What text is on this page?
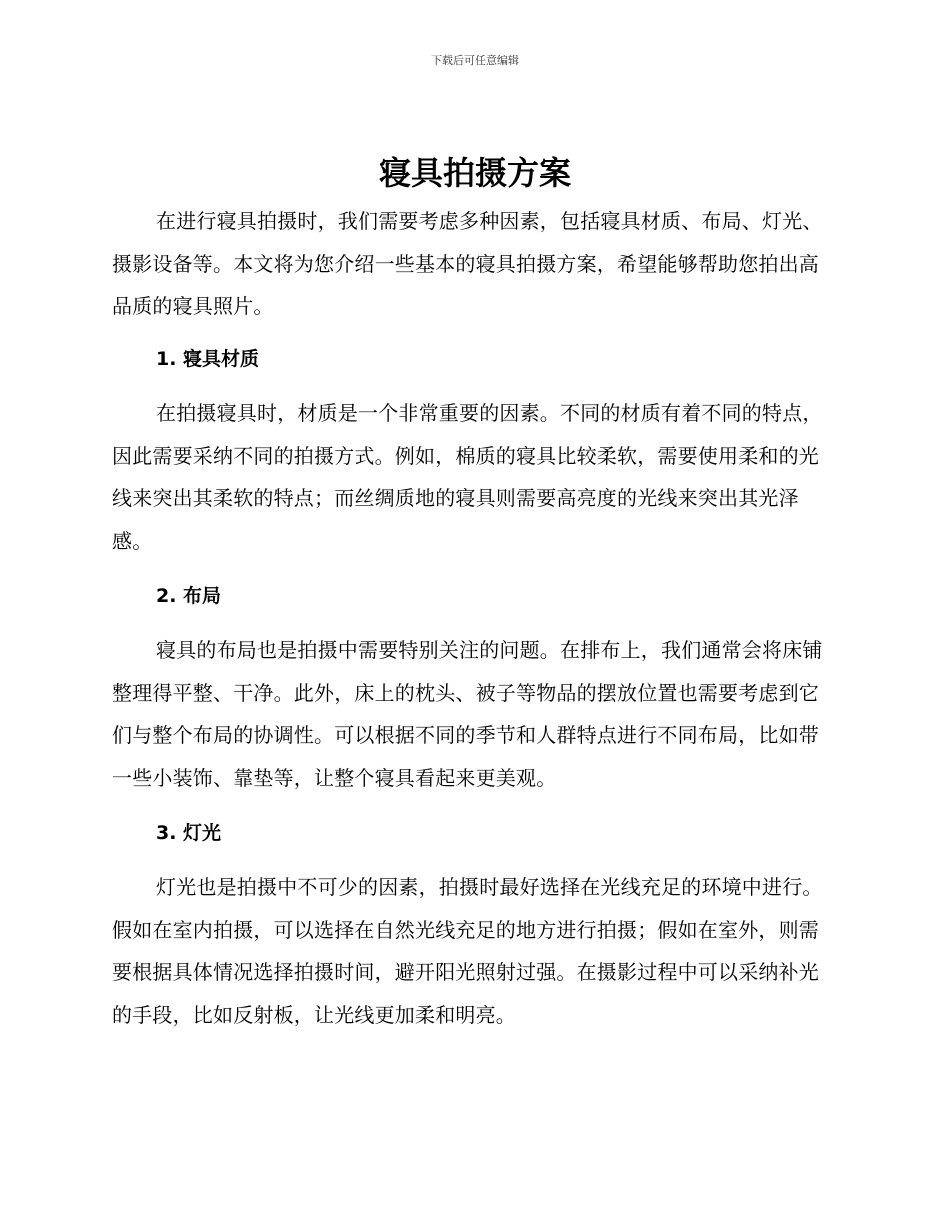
下载后可任意编辑
寝具拍摄方案

在进行寝具拍摄时，我们需要考虑多种因素，包括寝具材质、布局、灯光、摄影设备等。本文将为您介绍一些基本的寝具拍摄方案，希望能够帮助您拍出高品质的寝具照片。

1. 寝具材质

在拍摄寝具时，材质是一个非常重要的因素。不同的材质有着不同的特点，因此需要采纳不同的拍摄方式。例如，棉质的寝具比较柔软，需要使用柔和的光线来突出其柔软的特点；而丝绸质地的寝具则需要高亮度的光线来突出其光泽感。

2. 布局

寝具的布局也是拍摄中需要特别关注的问题。在排布上，我们通常会将床铺整理得平整、干净。此外，床上的枕头、被子等物品的摆放位置也需要考虑到它们与整个布局的协调性。可以根据不同的季节和人群特点进行不同布局，比如带一些小装饰、靠垫等，让整个寝具看起来更美观。

3. 灯光

灯光也是拍摄中不可少的因素，拍摄时最好选择在光线充足的环境中进行。假如在室内拍摄，可以选择在自然光线充足的地方进行拍摄；假如在室外，则需要根据具体情况选择拍摄时间，避开阳光照射过强。在摄影过程中可以采纳补光的手段，比如反射板，让光线更加柔和明亮。
